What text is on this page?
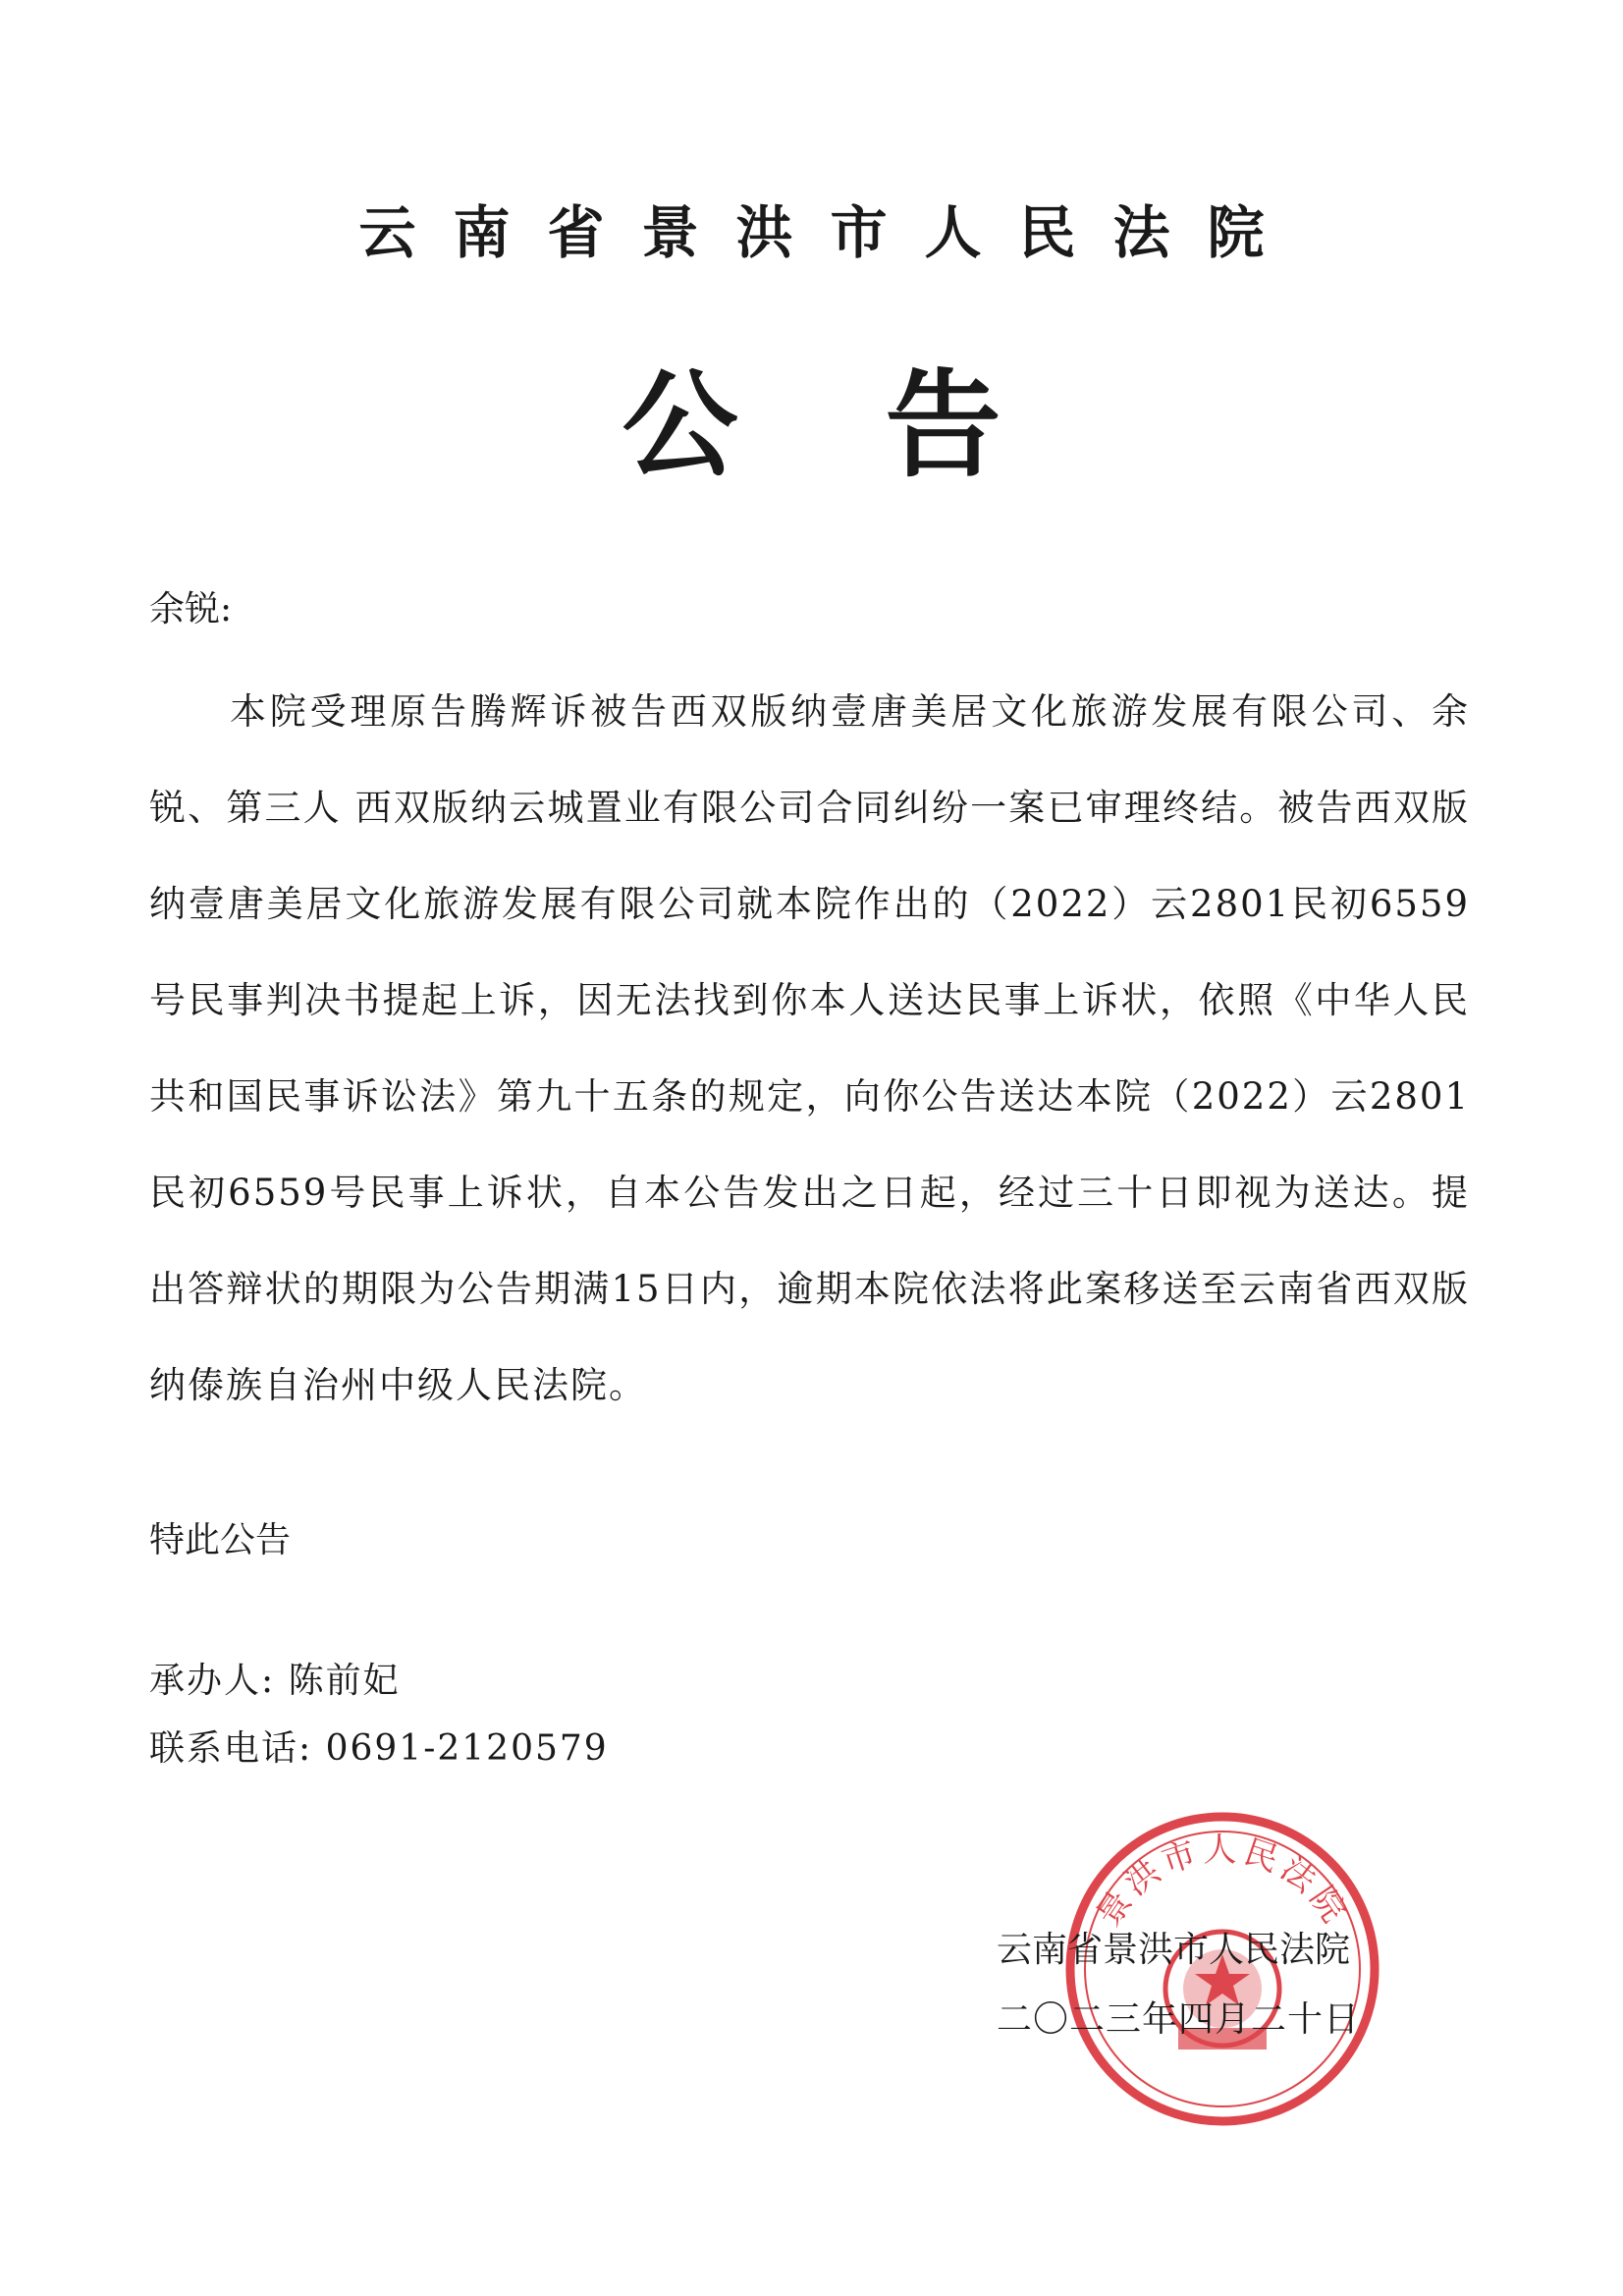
云南省景洪市人民法院
公告
余锐:

本院受理原告腾辉诉被告西双版纳壹唐美居文化旅游发展有限公司、余锐、第三人 西双版纳云城置业有限公司合同纠纷一案已审理终结。被告西双版纳壹唐美居文化旅游发展有限公司就本院作出的（2022）云2801民初6559号民事判决书提起上诉，因无法找到你本人送达民事上诉状，依照《中华人民共和国民事诉讼法》第九十五条的规定，向你公告送达本院（2022）云2801民初6559号民事上诉状，自本公告发出之日起，经过三十日即视为送达。提出答辩状的期限为公告期满15日内，逾期本院依法将此案移送至云南省西双版纳傣族自治州中级人民法院。

特此公告
承办人: 陈前妃
联系电话: 0691-2120579
景洪市人民法院
云南省景洪市人民法院
二〇二三年四月二十日
